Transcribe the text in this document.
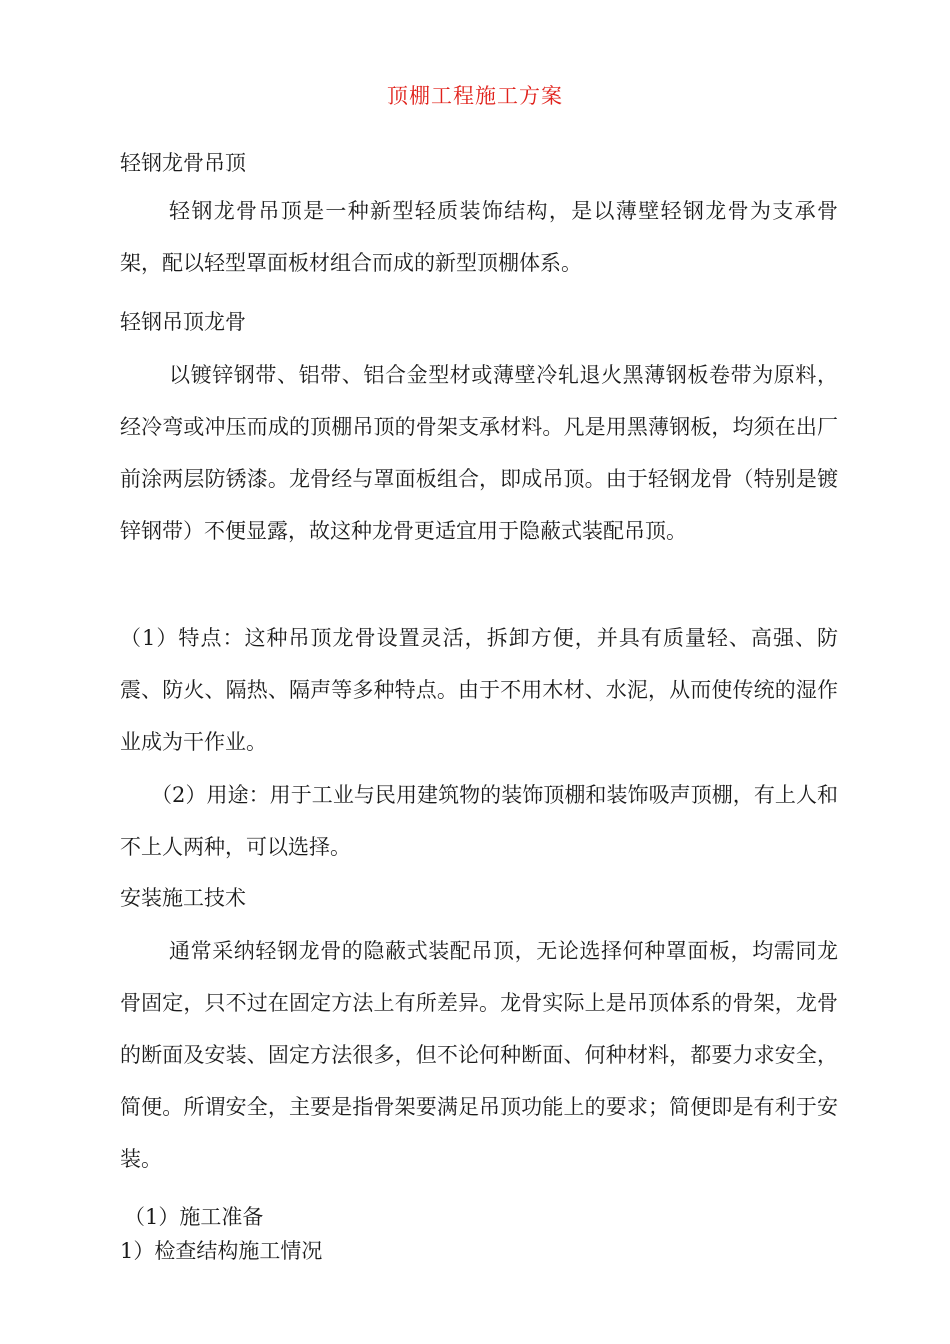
顶棚工程施工方案
轻钢龙骨吊顶

轻钢龙骨吊顶是一种新型轻质装饰结构，是以薄壁轻钢龙骨为支承骨架，配以轻型罩面板材组合而成的新型顶棚体系。

轻钢吊顶龙骨

以镀锌钢带、铝带、铝合金型材或薄壁冷轧退火黑薄钢板卷带为原料，经冷弯或冲压而成的顶棚吊顶的骨架支承材料。凡是用黑薄钢板，均须在出厂前涂两层防锈漆。龙骨经与罩面板组合，即成吊顶。由于轻钢龙骨（特别是镀锌钢带）不便显露，故这种龙骨更适宜用于隐蔽式装配吊顶。

（1）特点：这种吊顶龙骨设置灵活，拆卸方便，并具有质量轻、高强、防震、防火、隔热、隔声等多种特点。由于不用木材、水泥，从而使传统的湿作业成为干作业。

（2）用途：用于工业与民用建筑物的装饰顶棚和装饰吸声顶棚，有上人和不上人两种，可以选择。

安装施工技术

通常采纳轻钢龙骨的隐蔽式装配吊顶，无论选择何种罩面板，均需同龙骨固定，只不过在固定方法上有所差异。龙骨实际上是吊顶体系的骨架，龙骨的断面及安装、固定方法很多，但不论何种断面、何种材料，都要力求安全，简便。所谓安全，主要是指骨架要满足吊顶功能上的要求；简便即是有利于安装。

（1）施工准备
1）检查结构施工情况
